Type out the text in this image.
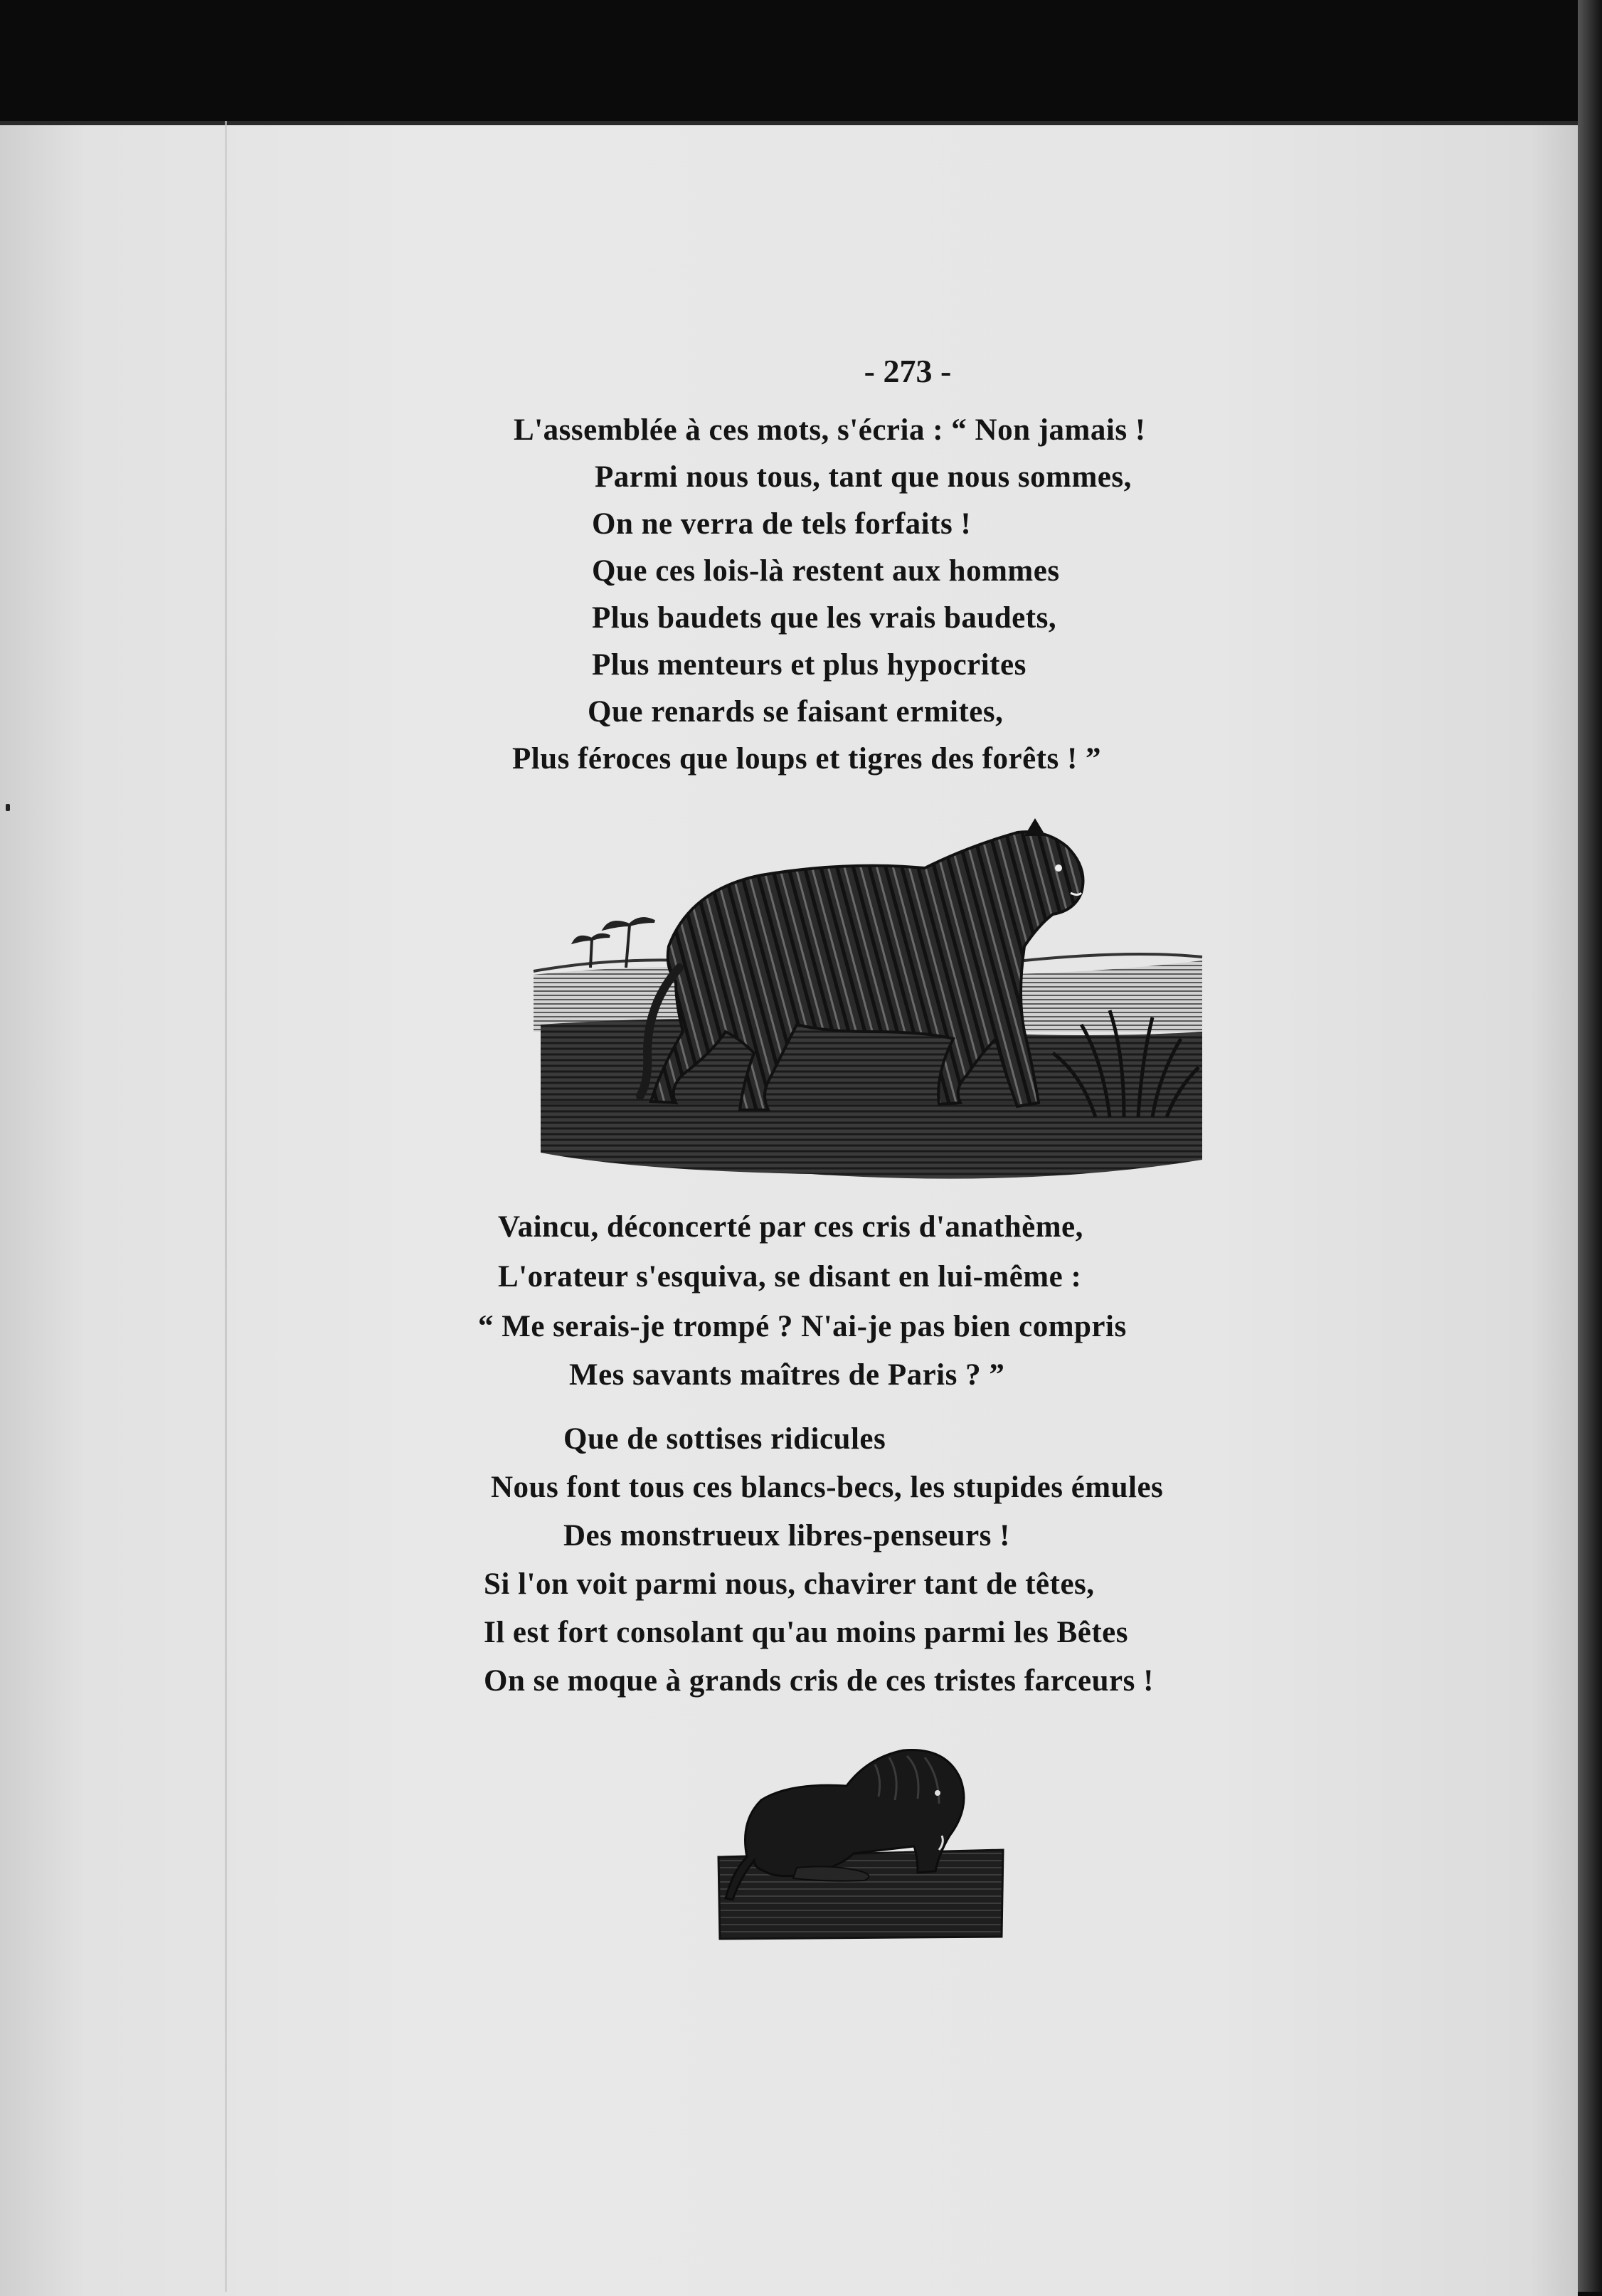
- 273 -
L'assemblée à ces mots, s'écria : “ Non jamais !
Parmi nous tous, tant que nous sommes,
On ne verra de tels forfaits !
Que ces lois-là restent aux hommes
Plus baudets que les vrais baudets,
Plus menteurs et plus hypocrites
Que renards se faisant ermites,
Plus féroces que loups et tigres des forêts ! ”
Vaincu, déconcerté par ces cris d'anathème,
L'orateur s'esquiva, se disant en lui-même :
“ Me serais-je trompé ? N'ai-je pas bien compris
Mes savants maîtres de Paris ? ”
Que de sottises ridicules
Nous font tous ces blancs-becs, les stupides émules
Des monstrueux libres-penseurs !
Si l'on voit parmi nous, chavirer tant de têtes,
Il est fort consolant qu'au moins parmi les Bêtes
On se moque à grands cris de ces tristes farceurs !
